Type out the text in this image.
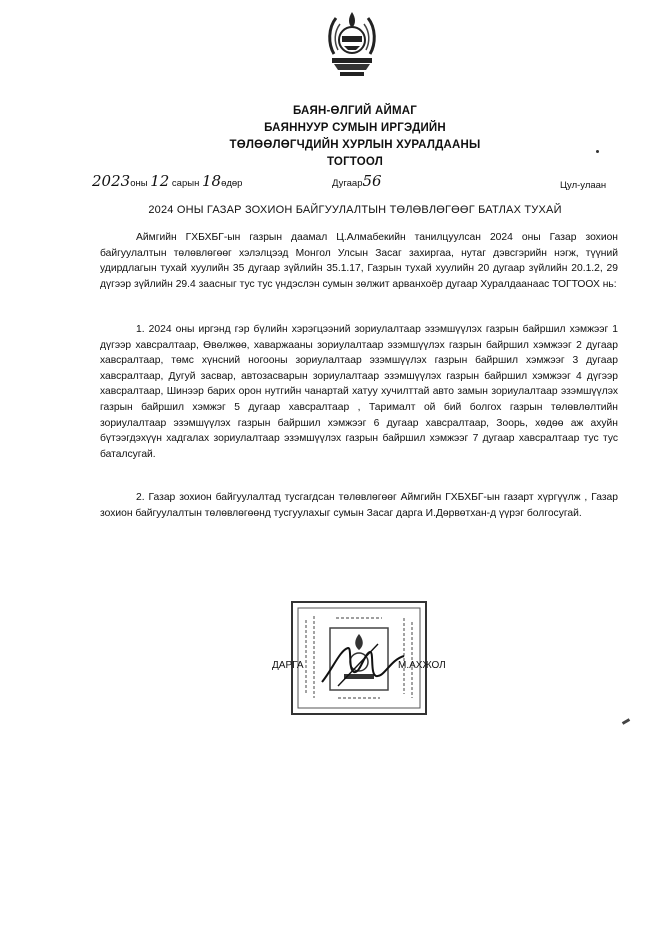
БАЯН-ӨЛГИЙ АЙМАГ
БАЯННУУР СУМЫН ИРГЭДИЙН
ТӨЛӨӨЛӨГЧДИЙН ХУРЛЫН ХУРАЛДААНЫ
ТОГТООЛ
2023оны 12 сарын 18өдөр	Дугаар56	Цул-улаан
2024 ОНЫ ГАЗАР ЗОХИОН БАЙГУУЛАЛТЫН ТӨЛӨВЛӨГӨӨГ БАТЛАХ ТУХАЙ

Аймгийн ГХБХБГ-ын газрын даамал Ц.Алмабекийн танилцуулсан 2024 оны Газар зохион байгуулалтын төлөвлөгөөг хэлэлцээд Монгол Улсын Засаг захиргаа, нутаг дэвсгэрийн нэгж, түүний удирдлагын тухай хуулийн 35 дугаар зүйлийн 35.1.17, Газрын тухай хуулийн 20 дугаар зүйлийн 20.1.2, 29 дүгээр зүйлийн 29.4 заасныг тус тус үндэслэн сумын зөлжит арванхоёр дугаар Хуралдаанаас ТОГТООХ нь:

1. 2024 оны иргэнд гэр бүлийн хэрэгцээний зориулалтаар эзэмшүүлэх газрын байршил хэмжээг 1 дүгээр хавсралтаар, Өвөлжөө, хаваржааны зориулалтаар эзэмшүүлэх газрын байршил хэмжээг 2 дугаар хавсралтаар, төмс хүнсний ногооны зориулалтаар эзэмшүүлэх газрын байршил хэмжээг 3 дугаар хавсралтаар, Дугуй засвар, автозасварын зориулалтаар эзэмшүүлэх газрын байршил хэмжээг 4 дүгээр хавсралтаар, Шинээр барих орон нутгийн чанартай хатуу хучилттай авто замын зориулалтаар эзэмшүүлэх газрын байршил хэмжэг 5 дугаар хавсралтаар , Тарималт ой бий болгох газрын төлөвлөлтийн зориулалтаар эзэмшүүлэх газрын байршил хэмжээг 6 дугаар хавсралтаар, Зоорь, хөдөө аж ахуйн бүтээгдэхүүн хадгалах зориулалтаар эзэмшүүлэх газрын байршил хэмжээг 7 дугаар хавсралтаар тус тус баталсугай.

2. Газар зохион байгуулалтад тусгагдсан төлөвлөгөөг Аймгийн ГХБХБГ-ын газарт хүргүүлж , Газар зохион байгуулалтын төлөвлөгөөнд тусгуулахыг сумын Засаг дарга И.Дөрвөтхан-д үүрэг болгосугай.

ДАРГА	М.АХЖОЛ
